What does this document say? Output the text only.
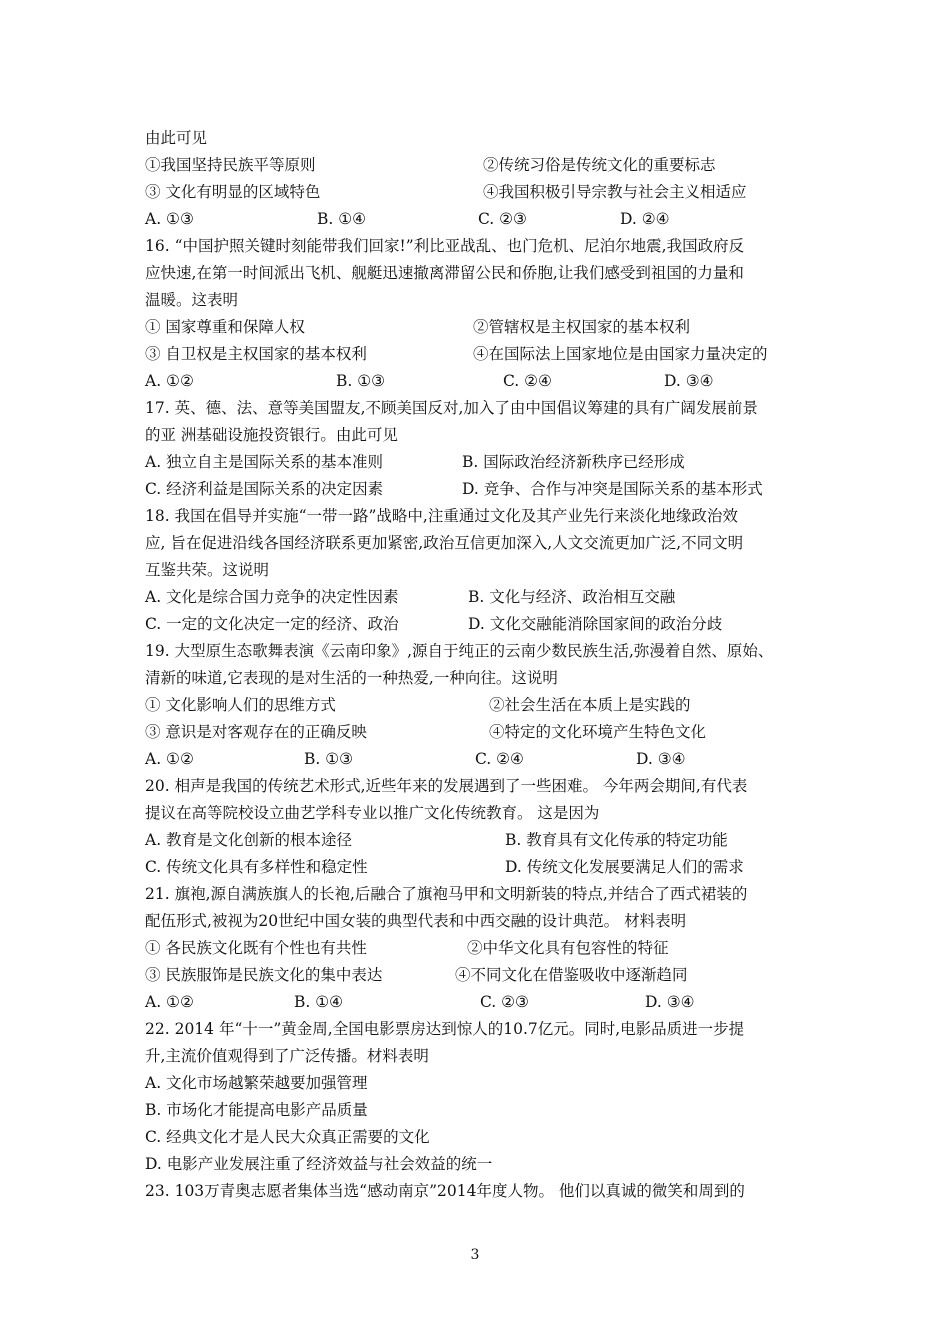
由此可见
①我国坚持民族平等原则	②传统习俗是传统文化的重要标志
③ 文化有明显的区域特色	④我国积极引导宗教与社会主义相适应
A. ①③	B. ①④	C. ②③	D. ②④
16. “中国护照关键时刻能带我们回家!”利比亚战乱、也门危机、尼泊尔地震,我国政府反
应快速,在第一时间派出飞机、舰艇迅速撤离滞留公民和侨胞,让我们感受到祖国的力量和
温暖。这表明
① 国家尊重和保障人权	②管辖权是主权国家的基本权利
③ 自卫权是主权国家的基本权利	④在国际法上国家地位是由国家力量决定的
A. ①②	B. ①③	C. ②④	D. ③④
17. 英、德、法、意等美国盟友,不顾美国反对,加入了由中国倡议筹建的具有广阔发展前景
的亚 洲基础设施投资银行。由此可见
A. 独立自主是国际关系的基本准则	B. 国际政治经济新秩序已经形成
C. 经济利益是国际关系的决定因素	D. 竞争、合作与冲突是国际关系的基本形式
18. 我国在倡导并实施“一带一路”战略中,注重通过文化及其产业先行来淡化地缘政治效
应, 旨在促进沿线各国经济联系更加紧密,政治互信更加深入,人文交流更加广泛,不同文明
互鉴共荣。这说明
A. 文化是综合国力竞争的决定性因素	B. 文化与经济、政治相互交融
C. 一定的文化决定一定的经济、政治	D. 文化交融能消除国家间的政治分歧
19. 大型原生态歌舞表演《云南印象》,源自于纯正的云南少数民族生活,弥漫着自然、原始、
清新的味道,它表现的是对生活的一种热爱,一种向往。这说明
① 文化影响人们的思维方式	②社会生活在本质上是实践的
③ 意识是对客观存在的正确反映	④特定的文化环境产生特色文化
A. ①②	B. ①③	C. ②④	D. ③④
20. 相声是我国的传统艺术形式,近些年来的发展遇到了一些困难。 今年两会期间,有代表
提议在高等院校设立曲艺学科专业以推广文化传统教育。 这是因为
A. 教育是文化创新的根本途径	B. 教育具有文化传承的特定功能
C. 传统文化具有多样性和稳定性	D. 传统文化发展要满足人们的需求
21. 旗袍,源自满族旗人的长袍,后融合了旗袍马甲和文明新装的特点,并结合了西式裙装的
配伍形式,被视为20世纪中国女装的典型代表和中西交融的设计典范。 材料表明
① 各民族文化既有个性也有共性	②中华文化具有包容性的特征
③ 民族服饰是民族文化的集中表达	④不同文化在借鉴吸收中逐渐趋同
A. ①②	B. ①④	C. ②③	D. ③④
22. 2014 年“十一”黄金周,全国电影票房达到惊人的10.7亿元。同时,电影品质进一步提
升,主流价值观得到了广泛传播。材料表明
A. 文化市场越繁荣越要加强管理
B. 市场化才能提高电影产品质量
C. 经典文化才是人民大众真正需要的文化
D. 电影产业发展注重了经济效益与社会效益的统一
23. 103万青奥志愿者集体当选“感动南京”2014年度人物。 他们以真诚的微笑和周到的
3
